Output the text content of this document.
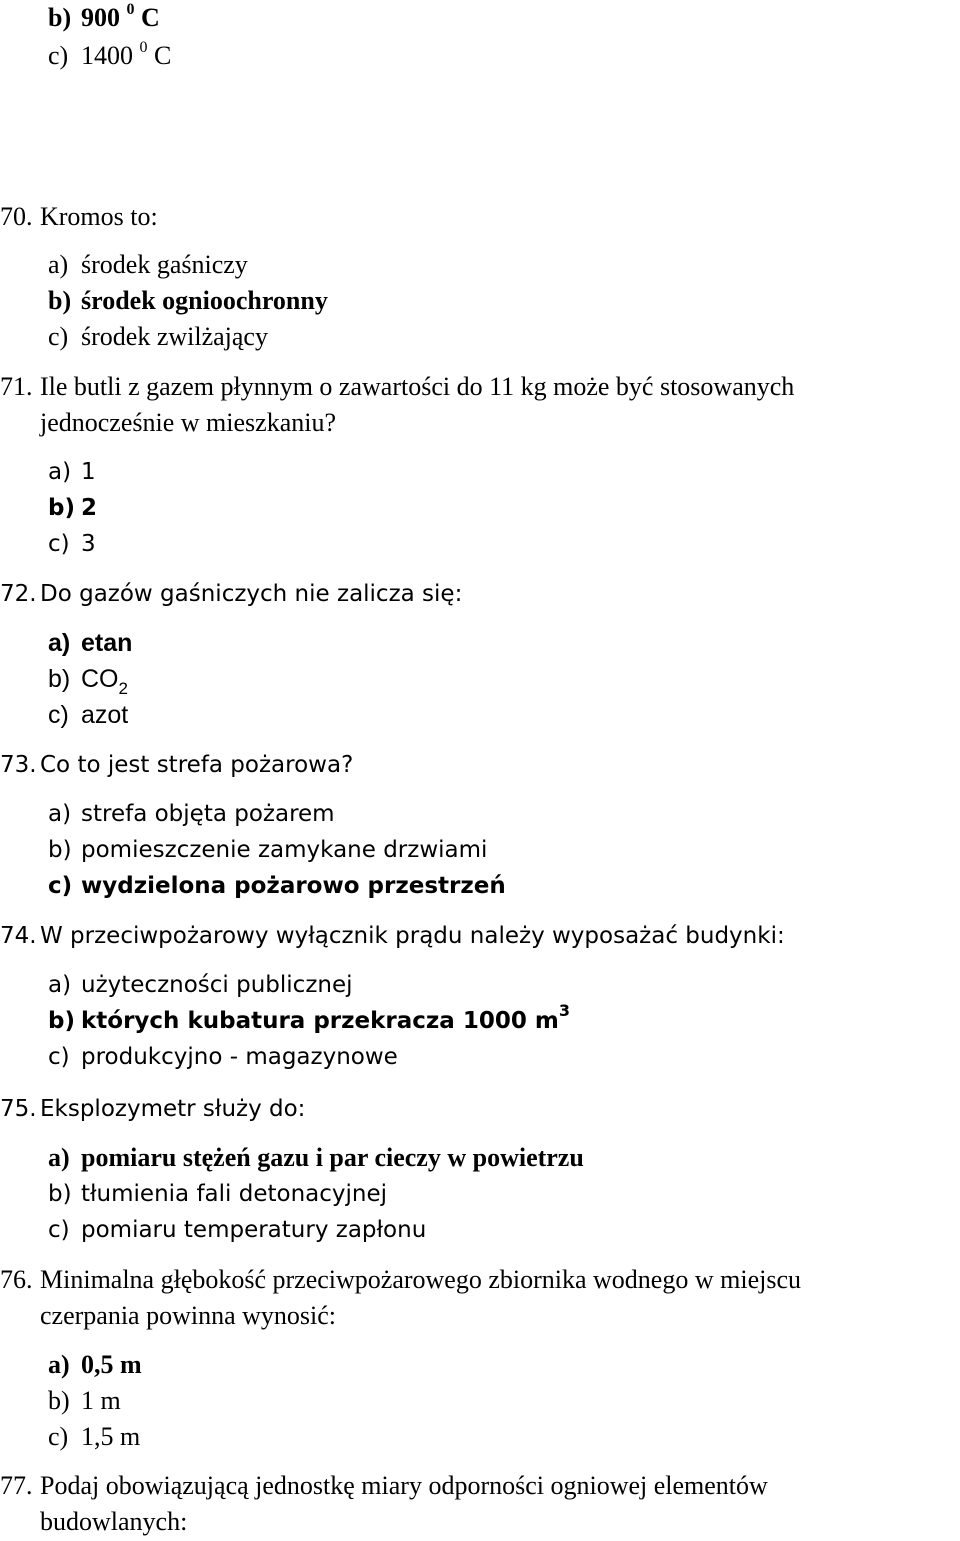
b) 900 $^0$ C
c) 1400 $^0$ C
70. Kromos to:
a) środek gaśniczy
b) środek ognioochronny
c) środek zwilżający
71. Ile butli z gazem płynnym o zawartości do 11 kg może być stosowanych
jednocześnie w mieszkaniu?
a) 1
b) 2
c) 3
72. Do gazów gaśniczych nie zalicza się:
a) etan
b) $CO_2$
c) azot
73. Co to jest strefa pożarowa?
a) strefa objęta pożarem
b) pomieszczenie zamykane drzwiami
c) wydzielona pożarowo przestrzeń
74. W przeciwpożarowy wyłącznik prądu należy wyposażać budynki:
a) użyteczności publicznej
b) których kubatura przekracza 1000 $m^3$
c) produkcyjno - magazynowe
75. Eksplozymetr służy do:
a) pomiaru stężeń gazu i par cieczy w powietrzu
b) tłumienia fali detonacyjnej
c) pomiaru temperatury zapłonu
76. Minimalna głębokość przeciwpożarowego zbiornika wodnego w miejscu
czerpania powinna wynosić:
a) 0,5 m
b) 1 m
c) 1,5 m
77. Podaj obowiązującą jednostkę miary odporności ogniowej elementów
budowlanych:
